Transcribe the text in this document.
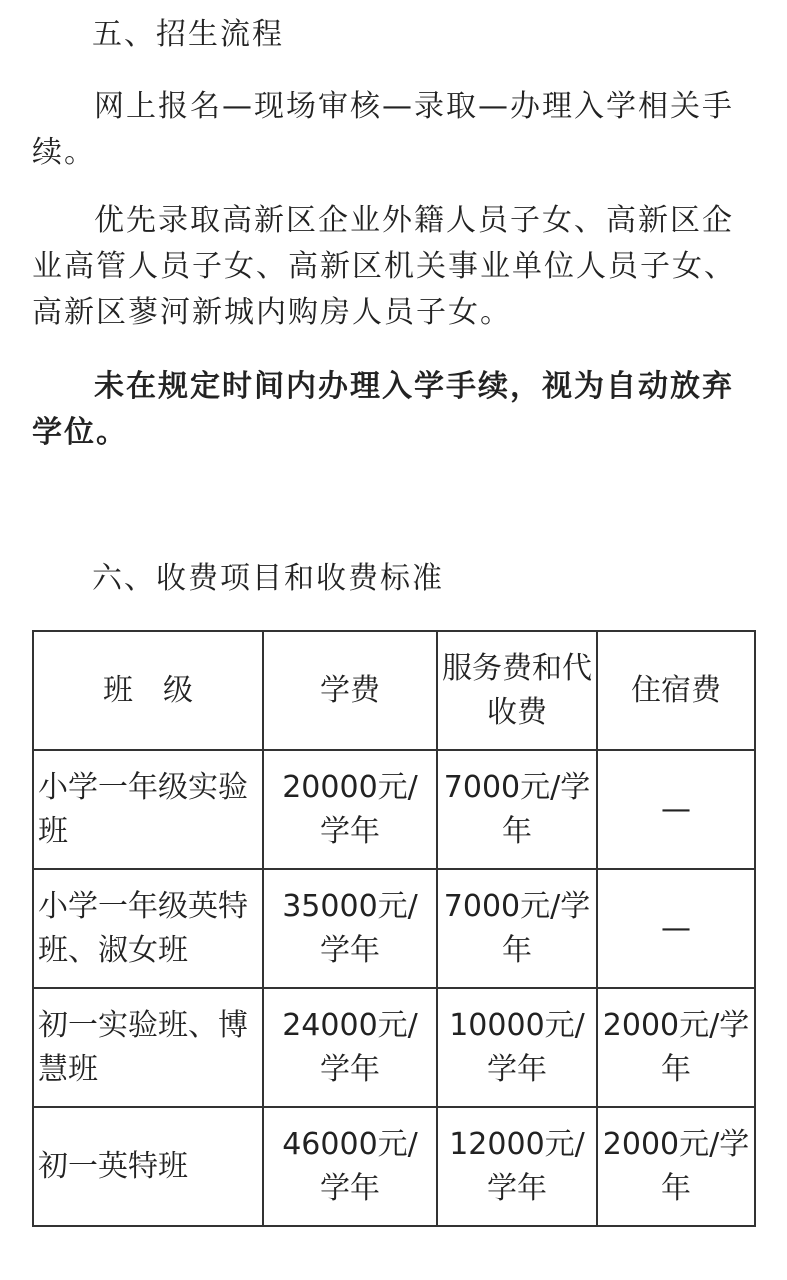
五、招生流程

网上报名—现场审核—录取—办理入学相关手续。

优先录取高新区企业外籍人员子女、高新区企业高管人员子女、高新区机关事业单位人员子女、高新区蓼河新城内购房人员子女。

未在规定时间内办理入学手续，视为自动放弃学位。

六、收费项目和收费标准

班　级	学费	服务费和代收费	住宿费
小学一年级实验班	20000元/学年	7000元/学年	—
小学一年级英特班、淑女班	35000元/学年	7000元/学年	—
初一实验班、博慧班	24000元/学年	10000元/学年	2000元/学年
初一英特班	46000元/学年	12000元/学年	2000元/学年
